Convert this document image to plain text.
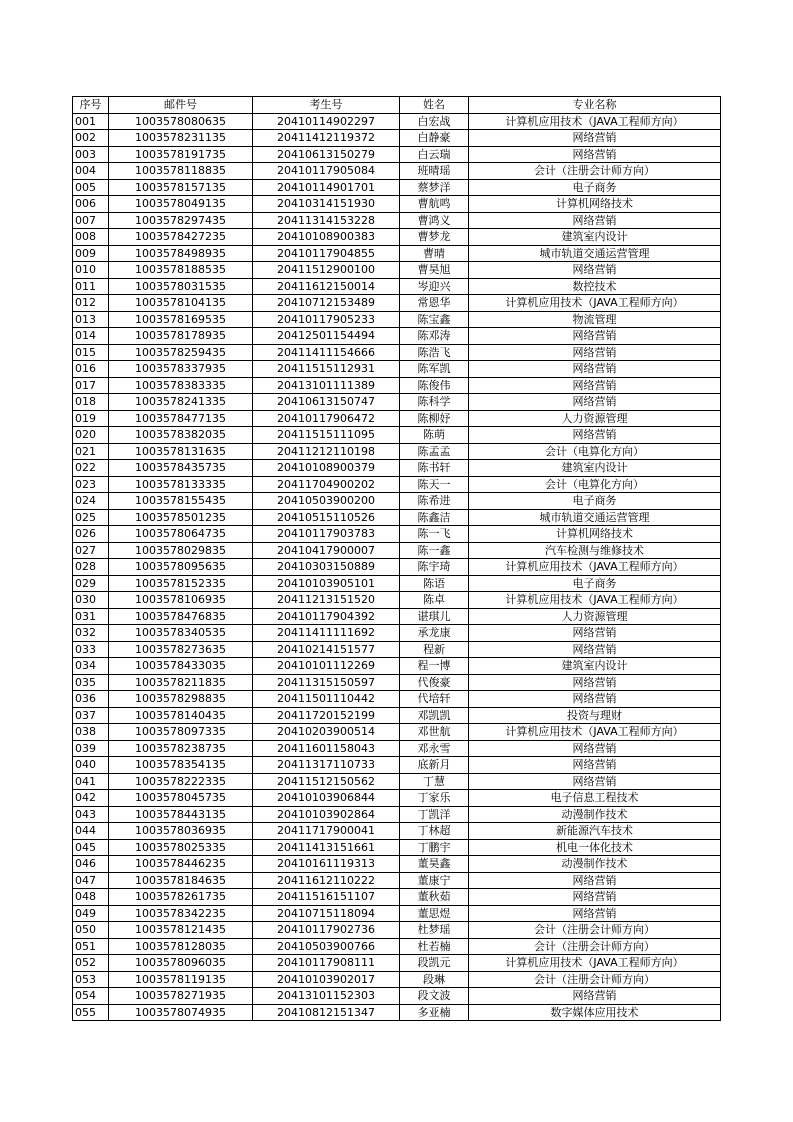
序号	邮件号	考生号	姓名	专业名称
001	1003578080635	20410114902297	白宏战	计算机应用技术（JAVA工程师方向）
002	1003578231135	20411412119372	白静豪	网络营销
003	1003578191735	20410613150279	白云瑞	网络营销
004	1003578118835	20410117905084	班晴瑶	会计（注册会计师方向）
005	1003578157135	20410114901701	蔡梦洋	电子商务
006	1003578049135	20410314151930	曹航鸣	计算机网络技术
007	1003578297435	20411314153228	曹鸿义	网络营销
008	1003578427235	20410108900383	曹梦龙	建筑室内设计
009	1003578498935	20410117904855	曹晴	城市轨道交通运营管理
010	1003578188535	20411512900100	曹昊旭	网络营销
011	1003578031535	20411612150014	岑迎兴	数控技术
012	1003578104135	20410712153489	常恩华	计算机应用技术（JAVA工程师方向）
013	1003578169535	20410117905233	陈宝鑫	物流管理
014	1003578178935	20412501154494	陈邓涛	网络营销
015	1003578259435	20411411154666	陈浩飞	网络营销
016	1003578337935	20411515112931	陈军凯	网络营销
017	1003578383335	20413101111389	陈俊伟	网络营销
018	1003578241335	20410613150747	陈科学	网络营销
019	1003578477135	20410117906472	陈柳妤	人力资源管理
020	1003578382035	20411515111095	陈萌	网络营销
021	1003578131635	20411212110198	陈孟孟	会计（电算化方向）
022	1003578435735	20410108900379	陈书轩	建筑室内设计
023	1003578133335	20411704900202	陈天一	会计（电算化方向）
024	1003578155435	20410503900200	陈希进	电子商务
025	1003578501235	20410515110526	陈鑫洁	城市轨道交通运营管理
026	1003578064735	20410117903783	陈一飞	计算机网络技术
027	1003578029835	20410417900007	陈一鑫	汽车检测与维修技术
028	1003578095635	20410303150889	陈宇琦	计算机应用技术（JAVA工程师方向）
029	1003578152335	20410103905101	陈语	电子商务
030	1003578106935	20411213151520	陈卓	计算机应用技术（JAVA工程师方向）
031	1003578476835	20410117904392	谌琪儿	人力资源管理
032	1003578340535	20411411111692	承龙康	网络营销
033	1003578273635	20410214151577	程新	网络营销
034	1003578433035	20410101112269	程一博	建筑室内设计
035	1003578211835	20411315150597	代俊豪	网络营销
036	1003578298835	20411501110442	代培轩	网络营销
037	1003578140435	20411720152199	邓凯凯	投资与理财
038	1003578097335	20410203900514	邓世航	计算机应用技术（JAVA工程师方向）
039	1003578238735	20411601158043	邓永雪	网络营销
040	1003578354135	20411317110733	底新月	网络营销
041	1003578222335	20411512150562	丁慧	网络营销
042	1003578045735	20410103906844	丁家乐	电子信息工程技术
043	1003578443135	20410103902864	丁凯洋	动漫制作技术
044	1003578036935	20411717900041	丁林超	新能源汽车技术
045	1003578025335	20411413151661	丁鹏宇	机电一体化技术
046	1003578446235	20410161119313	董昊鑫	动漫制作技术
047	1003578184635	20411612110222	董康宁	网络营销
048	1003578261735	20411516151107	董秋茹	网络营销
049	1003578342235	20410715118094	董思煜	网络营销
050	1003578121435	20410117902736	杜梦瑶	会计（注册会计师方向）
051	1003578128035	20410503900766	杜若楠	会计（注册会计师方向）
052	1003578096035	20410117908111	段凯元	计算机应用技术（JAVA工程师方向）
053	1003578119135	20410103902017	段琳	会计（注册会计师方向）
054	1003578271935	20413101152303	段文波	网络营销
055	1003578074935	20410812151347	多亚楠	数字媒体应用技术
